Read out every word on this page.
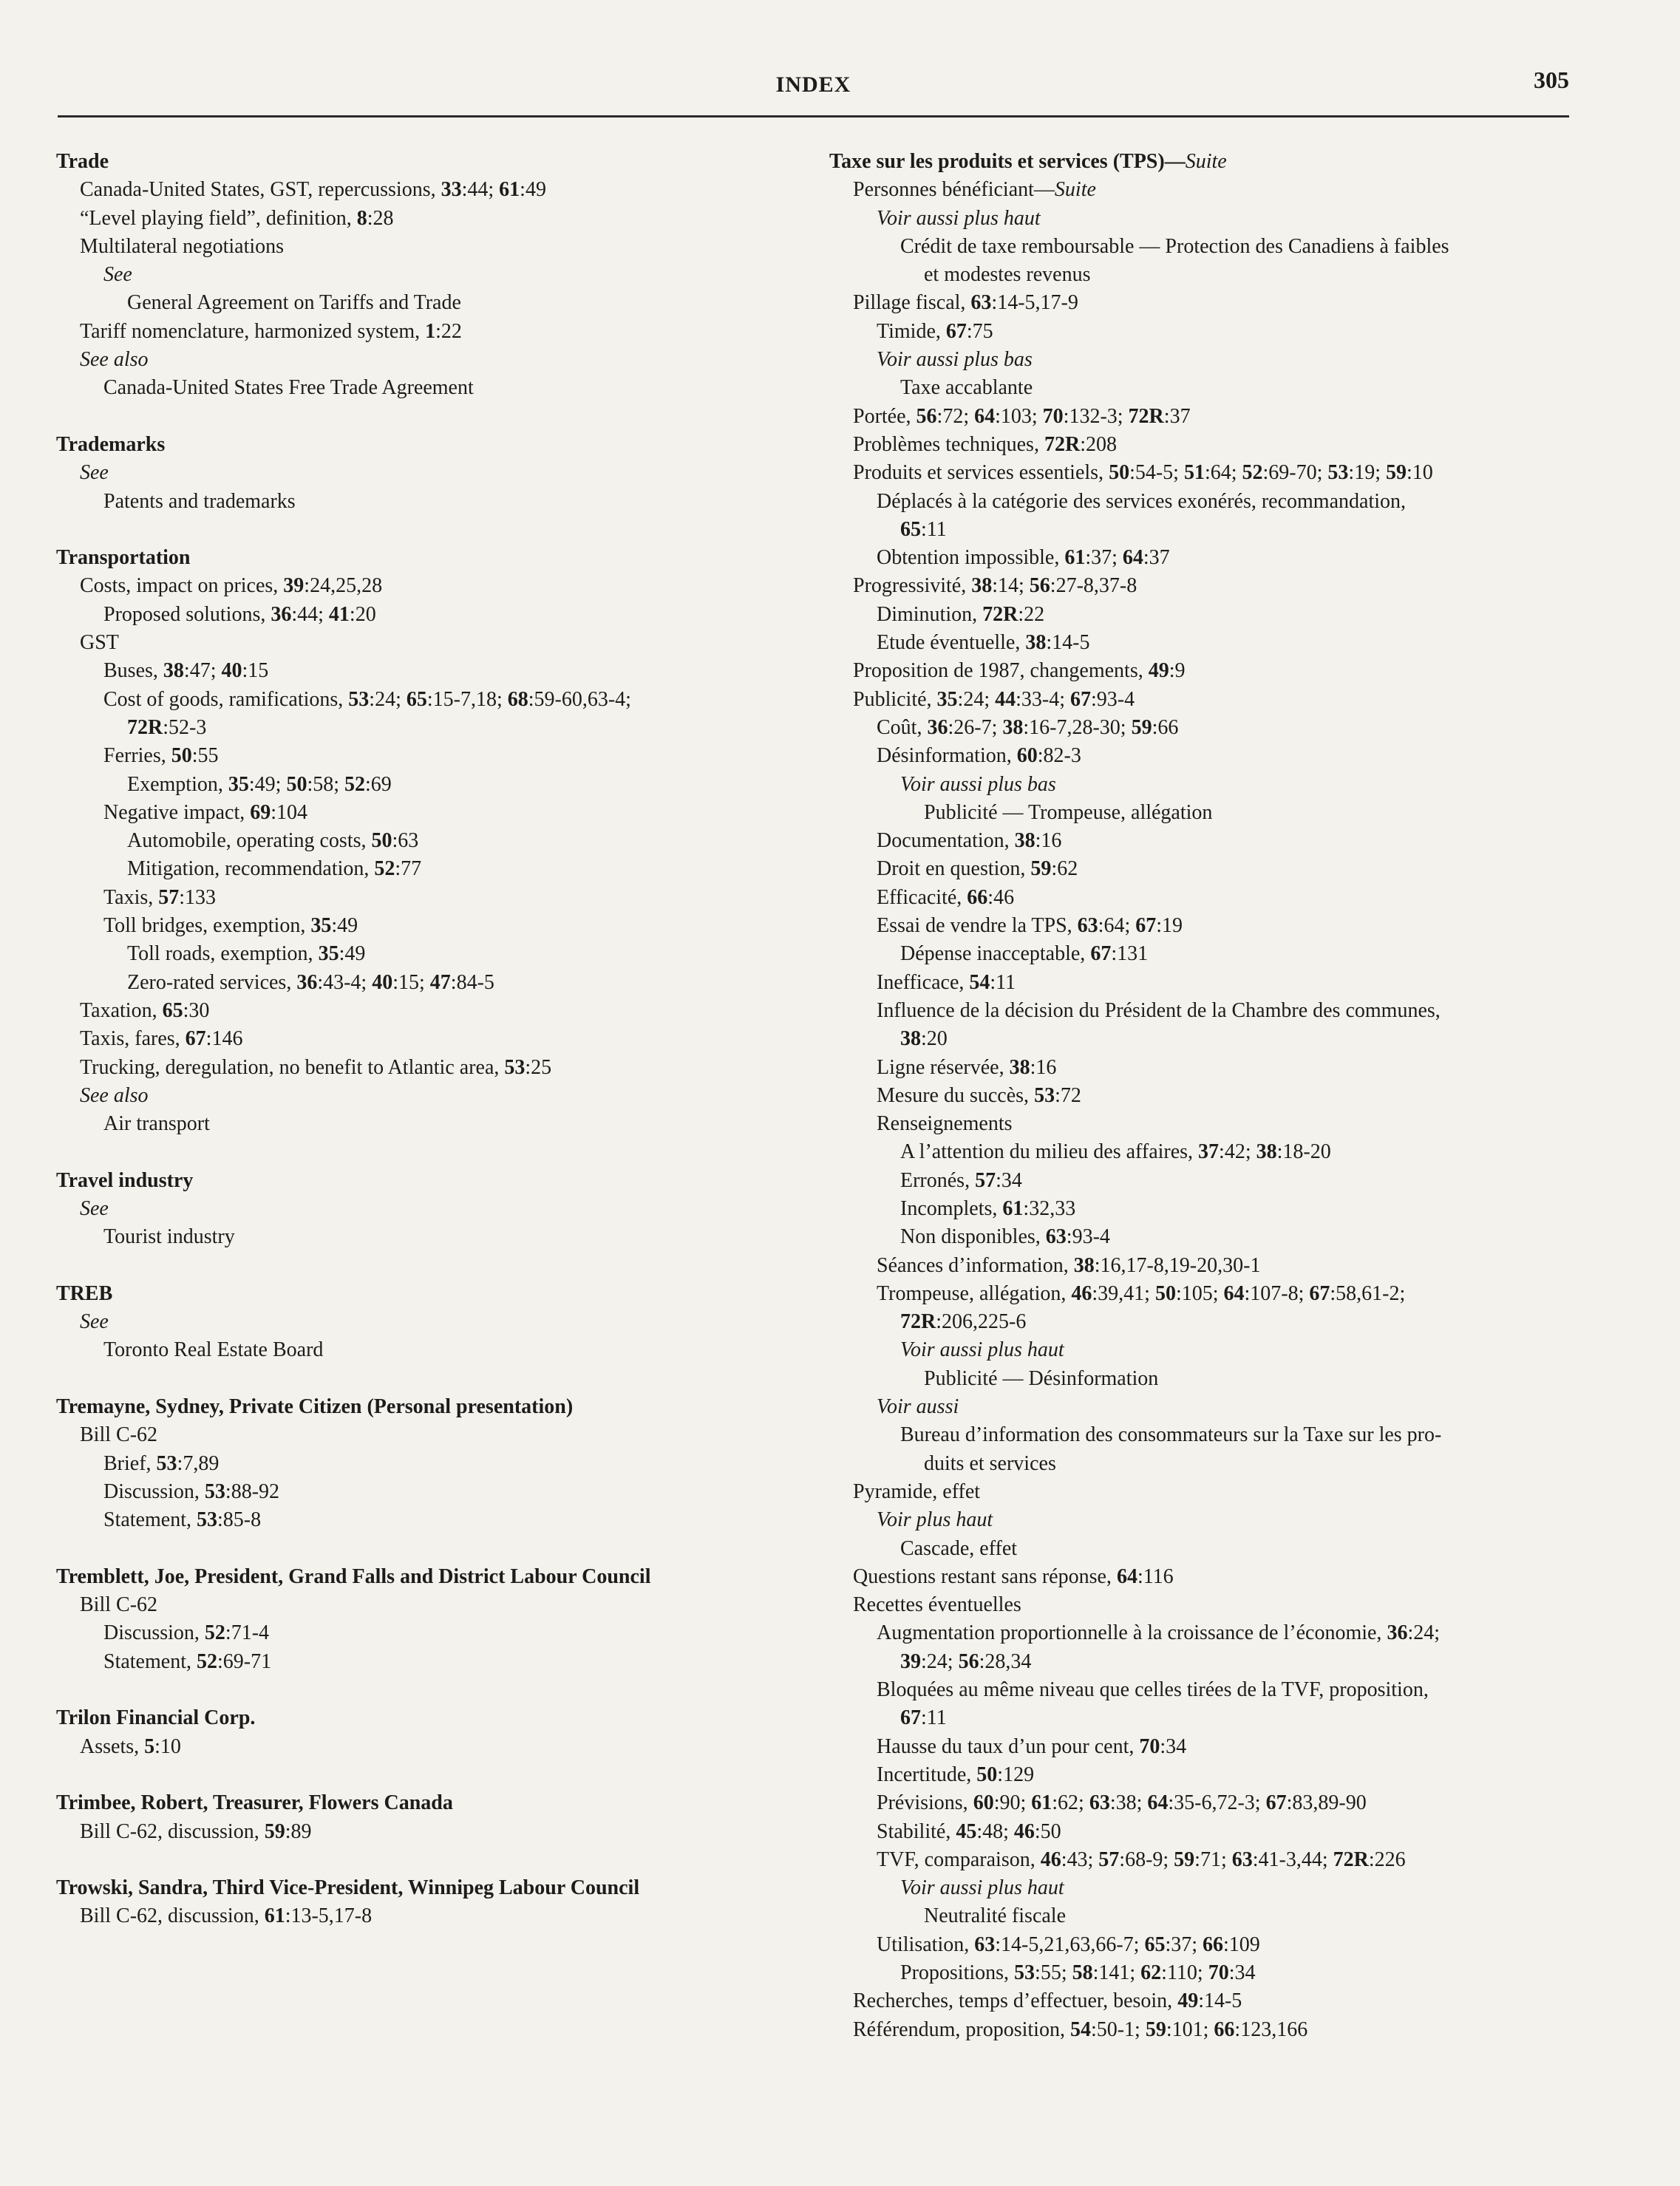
INDEX	305
Trade
Canada-United States, GST, repercussions, 33:44; 61:49
“Level playing field”, definition, 8:28
Multilateral negotiations
See
General Agreement on Tariffs and Trade
Tariff nomenclature, harmonized system, 1:22
See also
Canada-United States Free Trade Agreement
Trademarks
See
Patents and trademarks
Transportation
Costs, impact on prices, 39:24,25,28
Proposed solutions, 36:44; 41:20
GST
Buses, 38:47; 40:15
Cost of goods, ramifications, 53:24; 65:15-7,18; 68:59-60,63-4;
72R:52-3
Ferries, 50:55
Exemption, 35:49; 50:58; 52:69
Negative impact, 69:104
Automobile, operating costs, 50:63
Mitigation, recommendation, 52:77
Taxis, 57:133
Toll bridges, exemption, 35:49
Toll roads, exemption, 35:49
Zero-rated services, 36:43-4; 40:15; 47:84-5
Taxation, 65:30
Taxis, fares, 67:146
Trucking, deregulation, no benefit to Atlantic area, 53:25
See also
Air transport
Travel industry
See
Tourist industry
TREB
See
Toronto Real Estate Board
Tremayne, Sydney, Private Citizen (Personal presentation)
Bill C-62
Brief, 53:7,89
Discussion, 53:88-92
Statement, 53:85-8
Tremblett, Joe, President, Grand Falls and District Labour Council
Bill C-62
Discussion, 52:71-4
Statement, 52:69-71
Trilon Financial Corp.
Assets, 5:10
Trimbee, Robert, Treasurer, Flowers Canada
Bill C-62, discussion, 59:89
Trowski, Sandra, Third Vice-President, Winnipeg Labour Council
Bill C-62, discussion, 61:13-5,17-8
Taxe sur les produits et services (TPS)—Suite
Personnes bénéficiant—Suite
Voir aussi plus haut
Crédit de taxe remboursable — Protection des Canadiens à faibles
et modestes revenus
Pillage fiscal, 63:14-5,17-9
Timide, 67:75
Voir aussi plus bas
Taxe accablante
Portée, 56:72; 64:103; 70:132-3; 72R:37
Problèmes techniques, 72R:208
Produits et services essentiels, 50:54-5; 51:64; 52:69-70; 53:19; 59:10
Déplacés à la catégorie des services exonérés, recommandation,
65:11
Obtention impossible, 61:37; 64:37
Progressivité, 38:14; 56:27-8,37-8
Diminution, 72R:22
Etude éventuelle, 38:14-5
Proposition de 1987, changements, 49:9
Publicité, 35:24; 44:33-4; 67:93-4
Coût, 36:26-7; 38:16-7,28-30; 59:66
Désinformation, 60:82-3
Voir aussi plus bas
Publicité — Trompeuse, allégation
Documentation, 38:16
Droit en question, 59:62
Efficacité, 66:46
Essai de vendre la TPS, 63:64; 67:19
Dépense inacceptable, 67:131
Inefficace, 54:11
Influence de la décision du Président de la Chambre des communes,
38:20
Ligne réservée, 38:16
Mesure du succès, 53:72
Renseignements
A l’attention du milieu des affaires, 37:42; 38:18-20
Erronés, 57:34
Incomplets, 61:32,33
Non disponibles, 63:93-4
Séances d’information, 38:16,17-8,19-20,30-1
Trompeuse, allégation, 46:39,41; 50:105; 64:107-8; 67:58,61-2;
72R:206,225-6
Voir aussi plus haut
Publicité — Désinformation
Voir aussi
Bureau d’information des consommateurs sur la Taxe sur les pro-
duits et services
Pyramide, effet
Voir plus haut
Cascade, effet
Questions restant sans réponse, 64:116
Recettes éventuelles
Augmentation proportionnelle à la croissance de l’économie, 36:24;
39:24; 56:28,34
Bloquées au même niveau que celles tirées de la TVF, proposition,
67:11
Hausse du taux d’un pour cent, 70:34
Incertitude, 50:129
Prévisions, 60:90; 61:62; 63:38; 64:35-6,72-3; 67:83,89-90
Stabilité, 45:48; 46:50
TVF, comparaison, 46:43; 57:68-9; 59:71; 63:41-3,44; 72R:226
Voir aussi plus haut
Neutralité fiscale
Utilisation, 63:14-5,21,63,66-7; 65:37; 66:109
Propositions, 53:55; 58:141; 62:110; 70:34
Recherches, temps d’effectuer, besoin, 49:14-5
Référendum, proposition, 54:50-1; 59:101; 66:123,166
